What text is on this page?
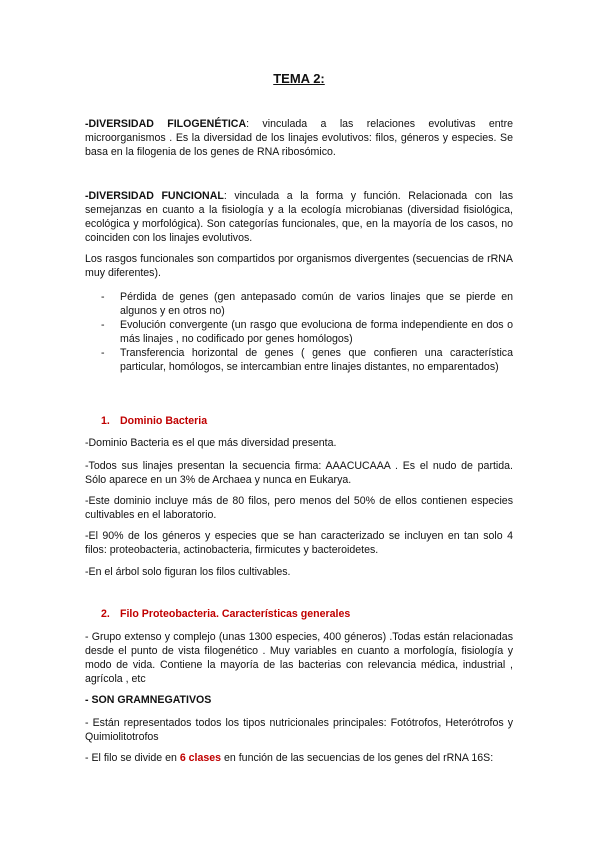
TEMA 2:

-DIVERSIDAD FILOGENÉTICA: vinculada a las relaciones evolutivas entre microorganismos . Es la diversidad de los linajes evolutivos: filos, géneros y especies. Se basa en la filogenia de los genes de RNA ribosómico.

-DIVERSIDAD FUNCIONAL: vinculada a la forma y función. Relacionada con las semejanzas en cuanto a la fisiología y a la ecología microbianas (diversidad fisiológica, ecológica y morfológica). Son categorías funcionales, que, en la mayoría de los casos, no coinciden con los linajes evolutivos.

Los rasgos funcionales son compartidos por organismos divergentes (secuencias de rRNA muy diferentes).

- Pérdida de genes (gen antepasado común de varios linajes que se pierde en algunos y en otros no)
- Evolución convergente (un rasgo que evoluciona de forma independiente en dos o más linajes , no codificado por genes homólogos)
- Transferencia horizontal de genes ( genes que confieren una característica particular, homólogos, se intercambian entre linajes distantes, no emparentados)
1. Dominio Bacteria

-Dominio Bacteria es el que más diversidad presenta.

-Todos sus linajes presentan la secuencia firma: AAACUCAAA . Es el nudo de partida. Sólo aparece en un 3% de Archaea y nunca en Eukarya.

-Este dominio incluye más de 80 filos, pero menos del 50% de ellos contienen especies cultivables en el laboratorio.

-El 90% de los géneros y especies que se han caracterizado se incluyen en tan solo 4 filos: proteobacteria, actinobacteria, firmicutes y bacteroidetes.

-En el árbol solo figuran los filos cultivables.

2. Filo Proteobacteria. Características generales

- Grupo extenso y complejo (unas 1300 especies, 400 géneros) .Todas están relacionadas desde el punto de vista filogenético . Muy variables en cuanto a morfología, fisiología y modo de vida. Contiene la mayoría de las bacterias con relevancia médica, industrial , agrícola , etc

- SON GRAMNEGATIVOS

- Están representados todos los tipos nutricionales principales: Fotótrofos, Heterótrofos y Quimiolitotrofos

- El filo se divide en 6 clases en función de las secuencias de los genes del rRNA 16S:
